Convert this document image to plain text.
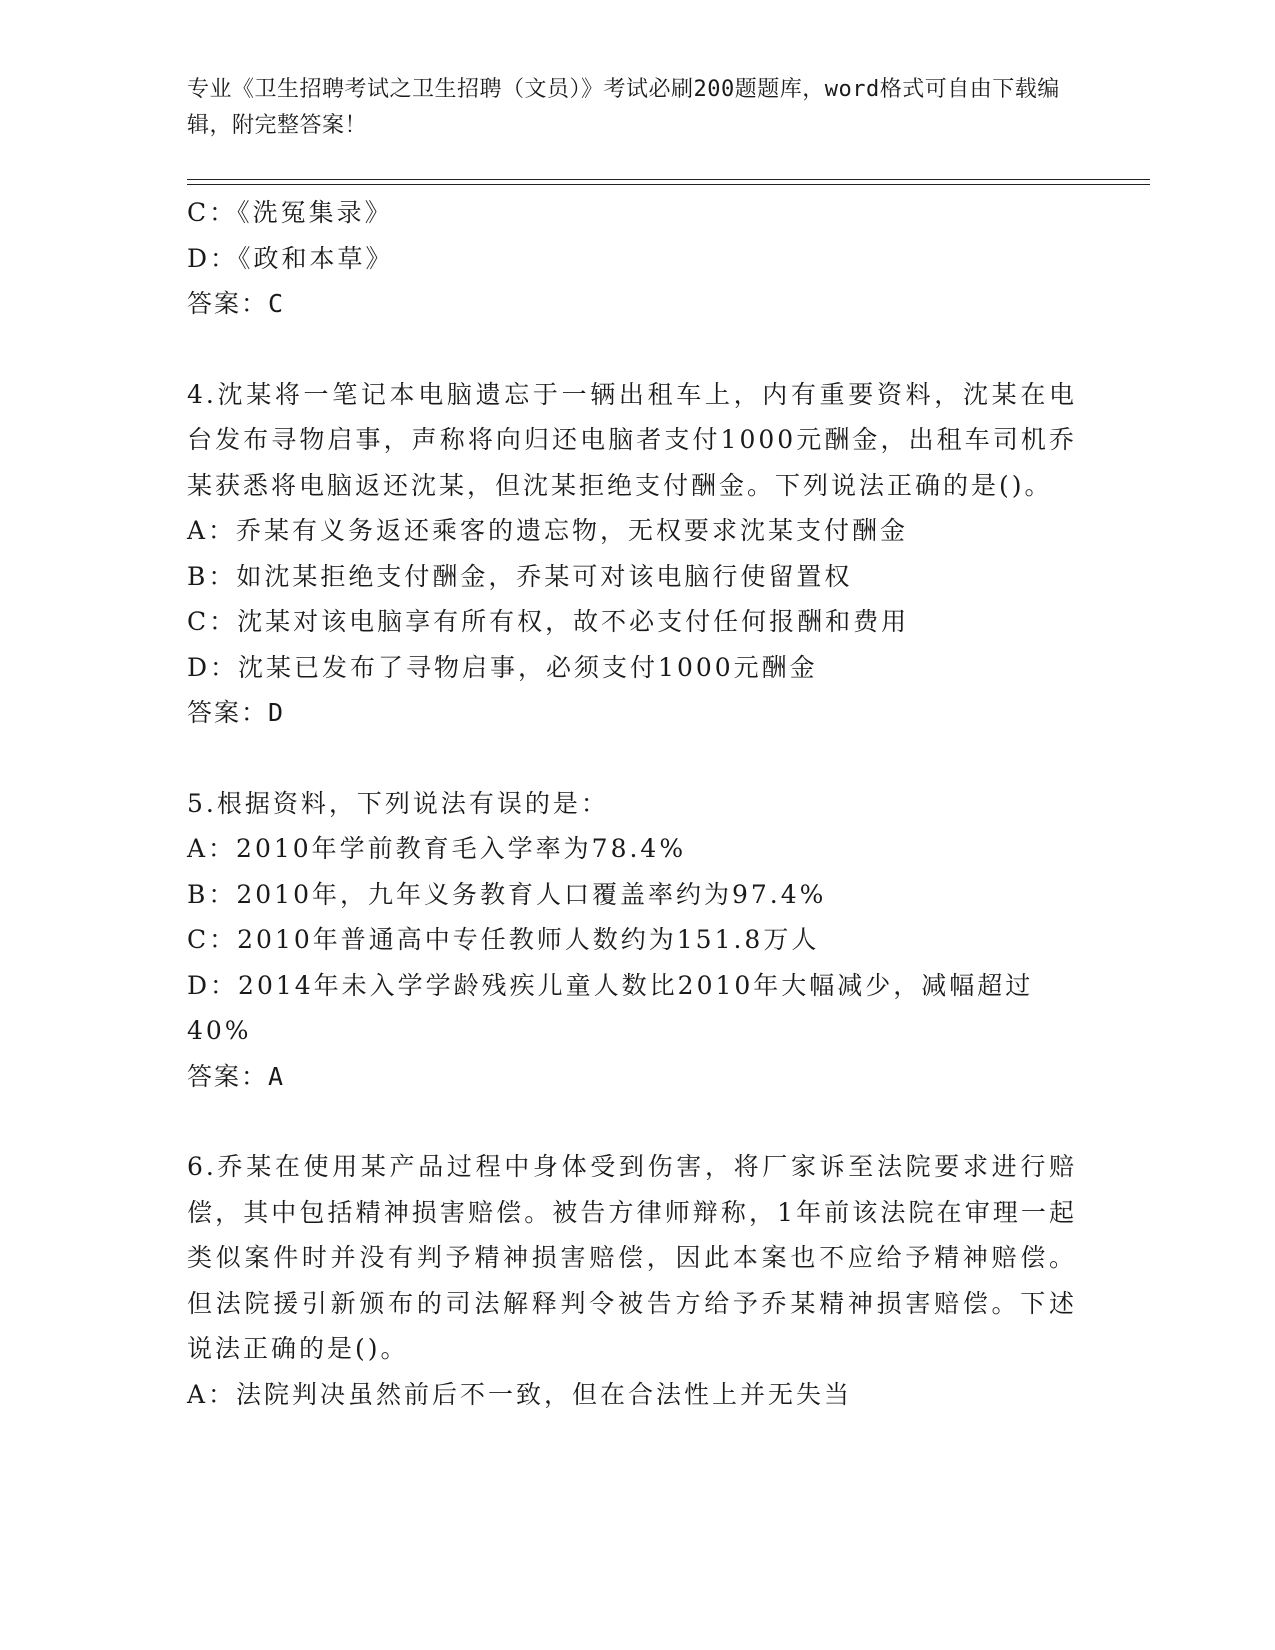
专业《卫生招聘考试之卫生招聘（文员）》考试必刷200题题库，word格式可自由下载编辑，附完整答案！
C：《洗冤集录》
D：《政和本草》
答案：C
4.沈某将一笔记本电脑遗忘于一辆出租车上，内有重要资料，沈某在电台发布寻物启事，声称将向归还电脑者支付1000元酬金，出租车司机乔某获悉将电脑返还沈某，但沈某拒绝支付酬金。下列说法正确的是()。
A：乔某有义务返还乘客的遗忘物，无权要求沈某支付酬金
B：如沈某拒绝支付酬金，乔某可对该电脑行使留置权
C：沈某对该电脑享有所有权，故不必支付任何报酬和费用
D：沈某已发布了寻物启事，必须支付1000元酬金
答案：D
5.根据资料，下列说法有误的是：
A：2010年学前教育毛入学率为78.4%
B：2010年，九年义务教育人口覆盖率约为97.4%
C：2010年普通高中专任教师人数约为151.8万人
D：2014年未入学学龄残疾儿童人数比2010年大幅减少，减幅超过40%
答案：A
6.乔某在使用某产品过程中身体受到伤害，将厂家诉至法院要求进行赔偿，其中包括精神损害赔偿。被告方律师辩称，1年前该法院在审理一起类似案件时并没有判予精神损害赔偿，因此本案也不应给予精神赔偿。但法院援引新颁布的司法解释判令被告方给予乔某精神损害赔偿。下述说法正确的是()。
A：法院判决虽然前后不一致，但在合法性上并无失当
